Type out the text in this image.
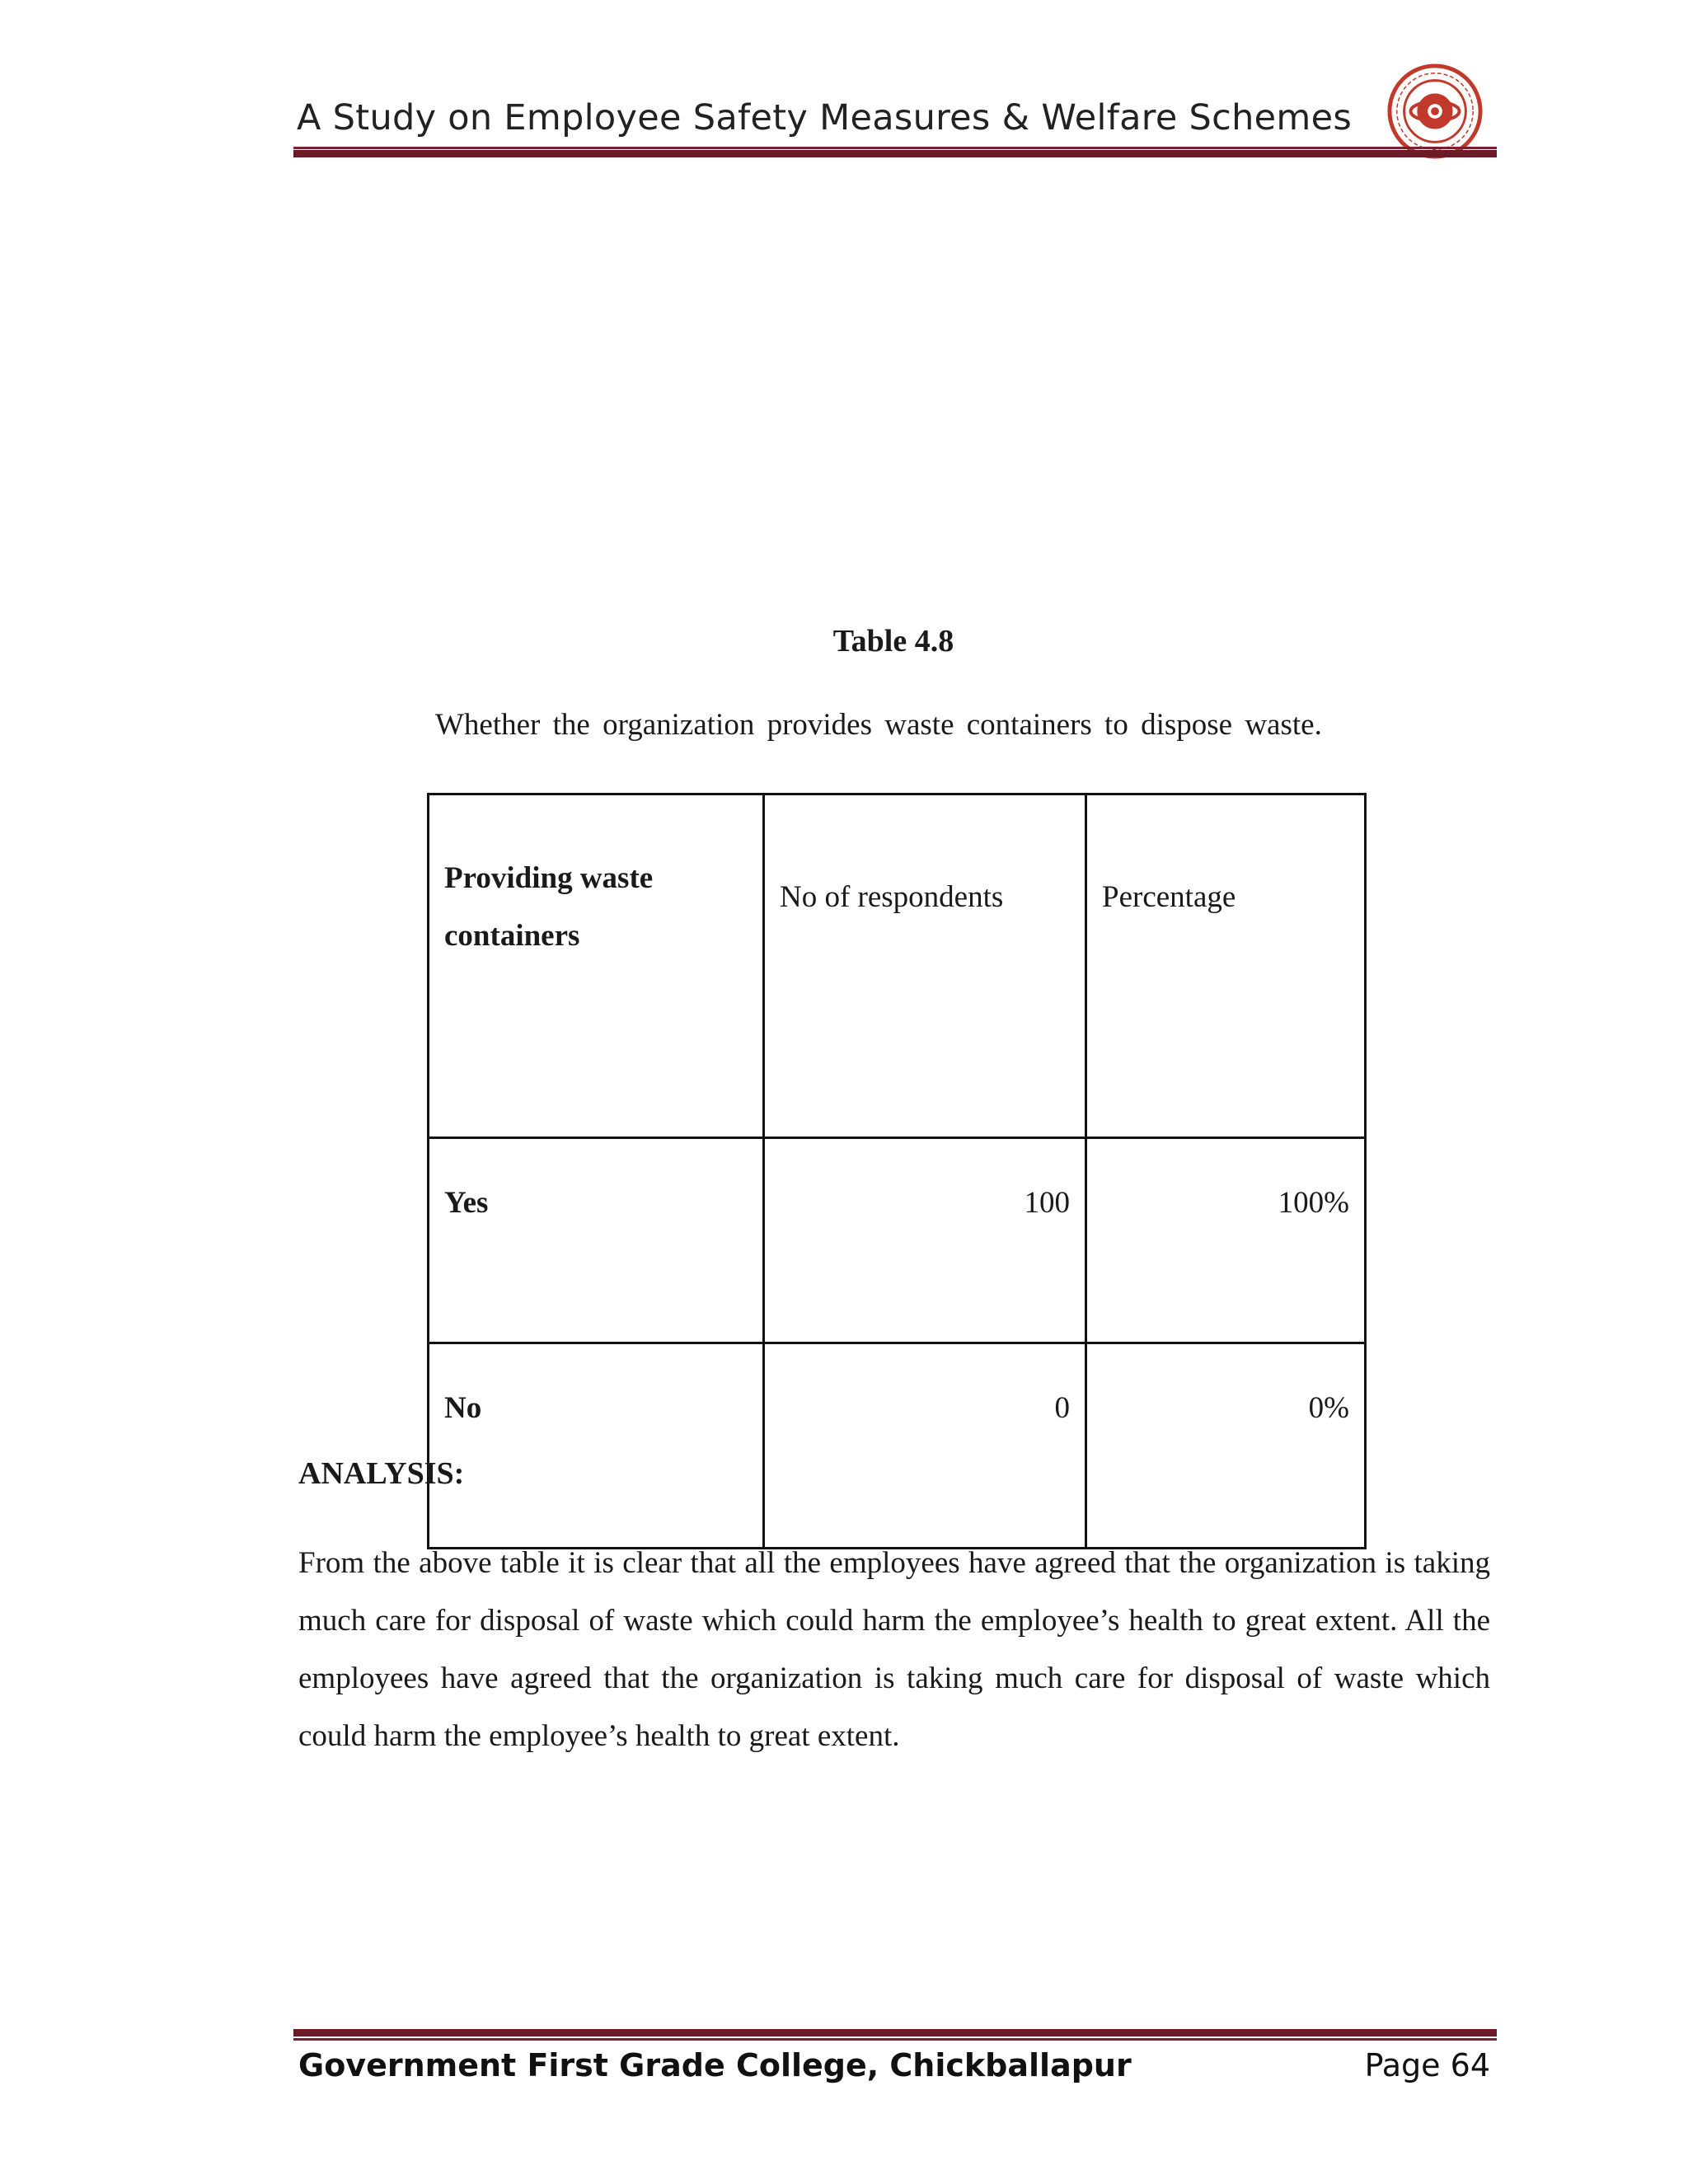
A Study on Employee Safety Measures & Welfare Schemes
Table 4.8
Whether the organization provides waste containers to dispose waste.
Providing waste containers	No of respondents	Percentage
Yes	100	100%
No	0	0%
ANALYSIS:
From the above table it is clear that all the employees have agreed that the organization is taking much care for disposal of waste which could harm the employee’s health to great extent. All the employees have agreed that the organization is taking much care for disposal of waste which could harm the employee’s health to great extent.
Government First Grade College, Chickballapur	Page 64
